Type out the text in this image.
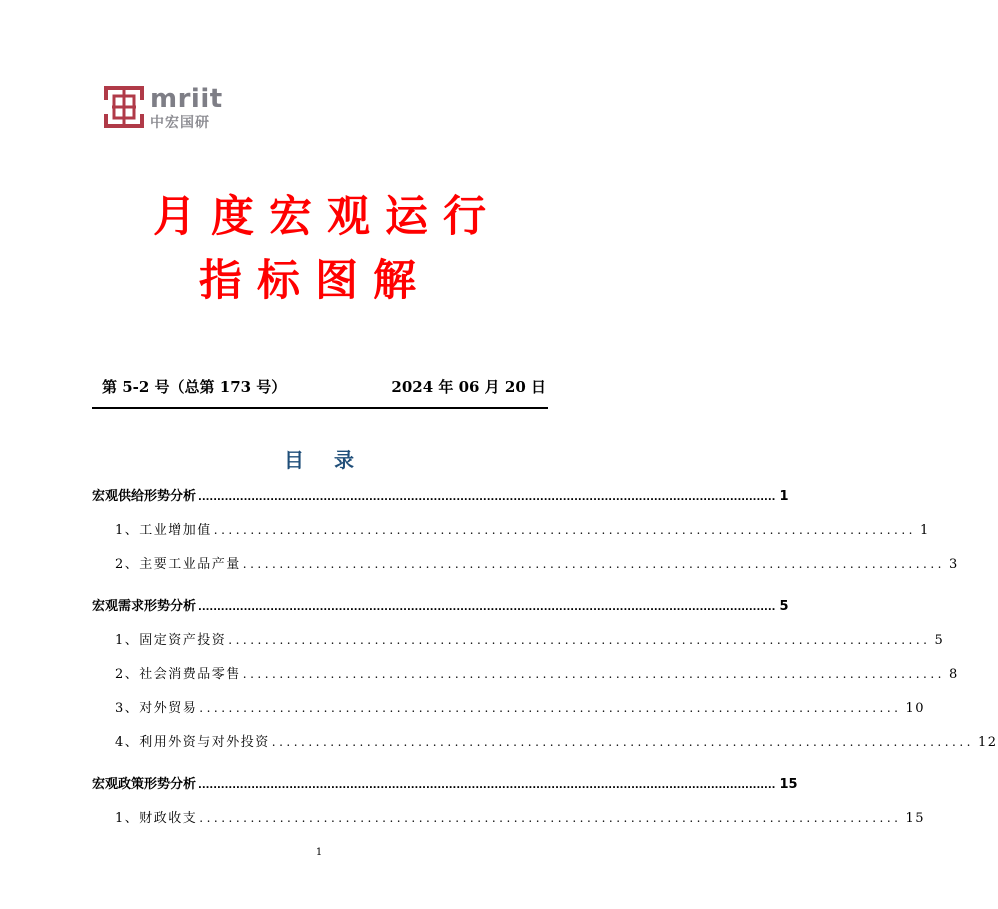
mriit
中宏国研
月度宏观运行
指标图解
第 5-2 号（总第 173 号）	2024 年 06 月 20 日
目录
宏观供给形势分析 ........................................................................................................................................................ 1
1、工业增加值 ................................................................................................ 1
2、主要工业品产量 ................................................................................................ 3
宏观需求形势分析 ........................................................................................................................................................ 5
1、固定资产投资 ................................................................................................ 5
2、社会消费品零售 ................................................................................................ 8
3、对外贸易 ................................................................................................ 10
4、利用外资与对外投资 ................................................................................................ 12
宏观政策形势分析 ........................................................................................................................................................ 15
1、财政收支 ................................................................................................ 15
1
